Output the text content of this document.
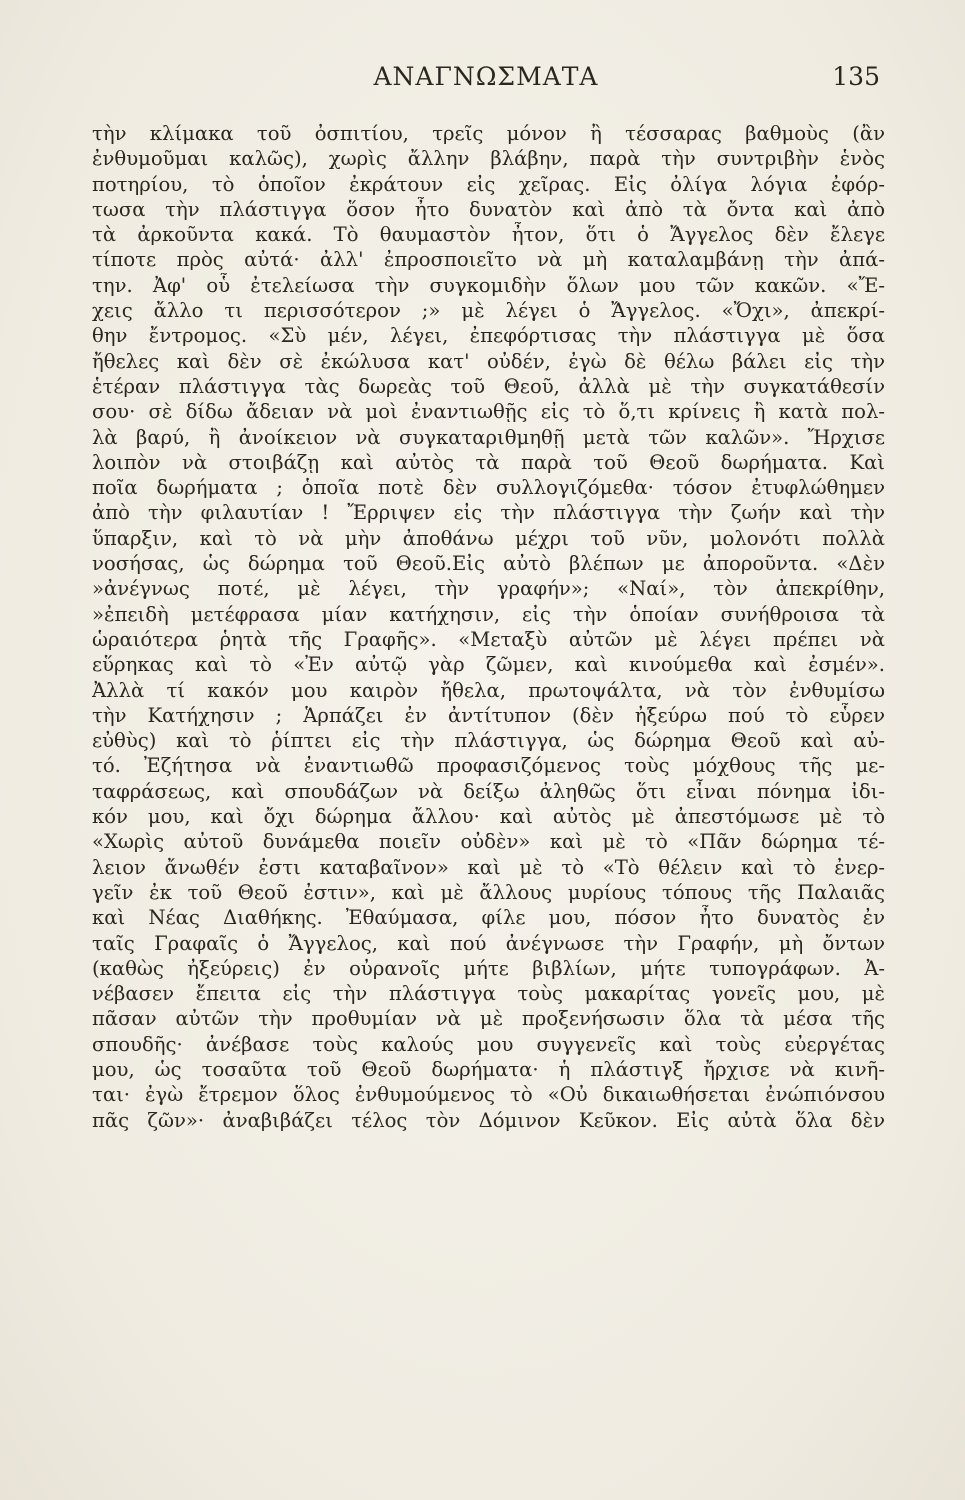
ΑΝΑΓΝΩΣΜΑΤΑ	135
τὴν κλίμακα τοῦ ὀσπιτίου, τρεῖς μόνον ἢ τέσσαρας βαθμοὺς (ἂν
ἐνθυμοῦμαι καλῶς), χωρὶς ἄλλην βλάβην, παρὰ τὴν συντριβὴν ἑνὸς
ποτηρίου, τὸ ὁποῖον ἐκράτουν εἰς χεῖρας. Εἰς ὀλίγα λόγια ἐφόρ-
τωσα τὴν πλάστιγγα ὅσον ἦτο δυνατὸν καὶ ἀπὸ τὰ ὄντα καὶ ἀπὸ
τὰ ἀρκοῦντα κακά. Τὸ θαυμαστὸν ἦτον, ὅτι ὁ Ἄγγελος δὲν ἔλεγε
τίποτε πρὸς αὐτά· ἀλλ' ἐπροσποιεῖτο νὰ μὴ καταλαμβάνῃ τὴν ἀπά-
την. Ἀφ' οὗ ἐτελείωσα τὴν συγκομιδὴν ὅλων μου τῶν κακῶν. «Ἔ-
χεις ἄλλο τι περισσότερον ;» μὲ λέγει ὁ Ἄγγελος. «Ὄχι», ἀπεκρί-
θην ἔντρομος. «Σὺ μέν, λέγει, ἐπεφόρτισας τὴν πλάστιγγα μὲ ὅσα
ἤθελες καὶ δὲν σὲ ἐκώλυσα κατ' οὐδέν, ἐγὼ δὲ θέλω βάλει εἰς τὴν
ἑτέραν πλάστιγγα τὰς δωρεὰς τοῦ Θεοῦ, ἀλλὰ μὲ τὴν συγκατάθεσίν
σου· σὲ δίδω ἄδειαν νὰ μοὶ ἐναντιωθῇς εἰς τὸ ὅ,τι κρίνεις ἢ κατὰ πολ-
λὰ βαρύ, ἢ ἀνοίκειον νὰ συγκαταριθμηθῇ μετὰ τῶν καλῶν». Ἤρχισε
λοιπὸν νὰ στοιβάζῃ καὶ αὐτὸς τὰ παρὰ τοῦ Θεοῦ δωρήματα. Καὶ
ποῖα δωρήματα ; ὁποῖα ποτὲ δὲν συλλογιζόμεθα· τόσον ἐτυφλώθημεν
ἀπὸ τὴν φιλαυτίαν ! Ἔρριψεν εἰς τὴν πλάστιγγα τὴν ζωήν καὶ τὴν
ὕπαρξιν, καὶ τὸ νὰ μὴν ἀποθάνω μέχρι τοῦ νῦν, μολονότι πολλὰ
νοσήσας, ὡς δώρημα τοῦ Θεοῦ.Εἰς αὐτὸ βλέπων με ἀποροῦντα. «Δὲν
»ἀνέγνως ποτέ, μὲ λέγει, τὴν γραφήν»; «Ναί», τὸν ἀπεκρίθην,
»ἐπειδὴ μετέφρασα μίαν κατήχησιν, εἰς τὴν ὁποίαν συνήθροισα τὰ
ὡραιότερα ῥητὰ τῆς Γραφῆς». «Μεταξὺ αὐτῶν μὲ λέγει πρέπει νὰ
εὕρηκας καὶ τὸ «Ἐν αὐτῷ γὰρ ζῶμεν, καὶ κινούμεθα καὶ ἐσμέν».
Ἀλλὰ τί κακόν μου καιρὸν ἤθελα, πρωτοψάλτα, νὰ τὸν ἐνθυμίσω
τὴν Κατήχησιν ; Ἁρπάζει ἐν ἀντίτυπον (δὲν ἠξεύρω πού τὸ εὗρεν
εὐθὺς) καὶ τὸ ῥίπτει εἰς τὴν πλάστιγγα, ὡς δώρημα Θεοῦ καὶ αὐ-
τό. Ἐζήτησα νὰ ἐναντιωθῶ προφασιζόμενος τοὺς μόχθους τῆς με-
ταφράσεως, καὶ σπουδάζων νὰ δείξω ἀληθῶς ὅτι εἶναι πόνημα ἰδι-
κόν μου, καὶ ὄχι δώρημα ἄλλου· καὶ αὐτὸς μὲ ἀπεστόμωσε μὲ τὸ
«Χωρὶς αὐτοῦ δυνάμεθα ποιεῖν οὐδὲν» καὶ μὲ τὸ «Πᾶν δώρημα τέ-
λειον ἄνωθέν ἐστι καταβαῖνον» καὶ μὲ τὸ «Τὸ θέλειν καὶ τὸ ἐνερ-
γεῖν ἐκ τοῦ Θεοῦ ἐστιν», καὶ μὲ ἄλλους μυρίους τόπους τῆς Παλαιᾶς
καὶ Νέας Διαθήκης. Ἐθαύμασα, φίλε μου, πόσον ἦτο δυνατὸς ἐν
ταῖς Γραφαῖς ὁ Ἄγγελος, καὶ πού ἀνέγνωσε τὴν Γραφήν, μὴ ὄντων
(καθὼς ἠξεύρεις) ἐν οὐρανοῖς μήτε βιβλίων, μήτε τυπογράφων. Ἀ-
νέβασεν ἔπειτα εἰς τὴν πλάστιγγα τοὺς μακαρίτας γονεῖς μου, μὲ
πᾶσαν αὐτῶν τὴν προθυμίαν νὰ μὲ προξενήσωσιν ὅλα τὰ μέσα τῆς
σπουδῆς· ἀνέβασε τοὺς καλούς μου συγγενεῖς καὶ τοὺς εὐεργέτας
μου, ὡς τοσαῦτα τοῦ Θεοῦ δωρήματα· ἡ πλάστιγξ ἤρχισε νὰ κινῆ-
ται· ἐγὼ ἔτρεμον ὅλος ἐνθυμούμενος τὸ «Οὐ δικαιωθήσεται ἐνώπιόνσου
πᾶς ζῶν»· ἀναβιβάζει τέλος τὸν Δόμινον Κεῦκον. Εἰς αὐτὰ ὅλα δὲν
